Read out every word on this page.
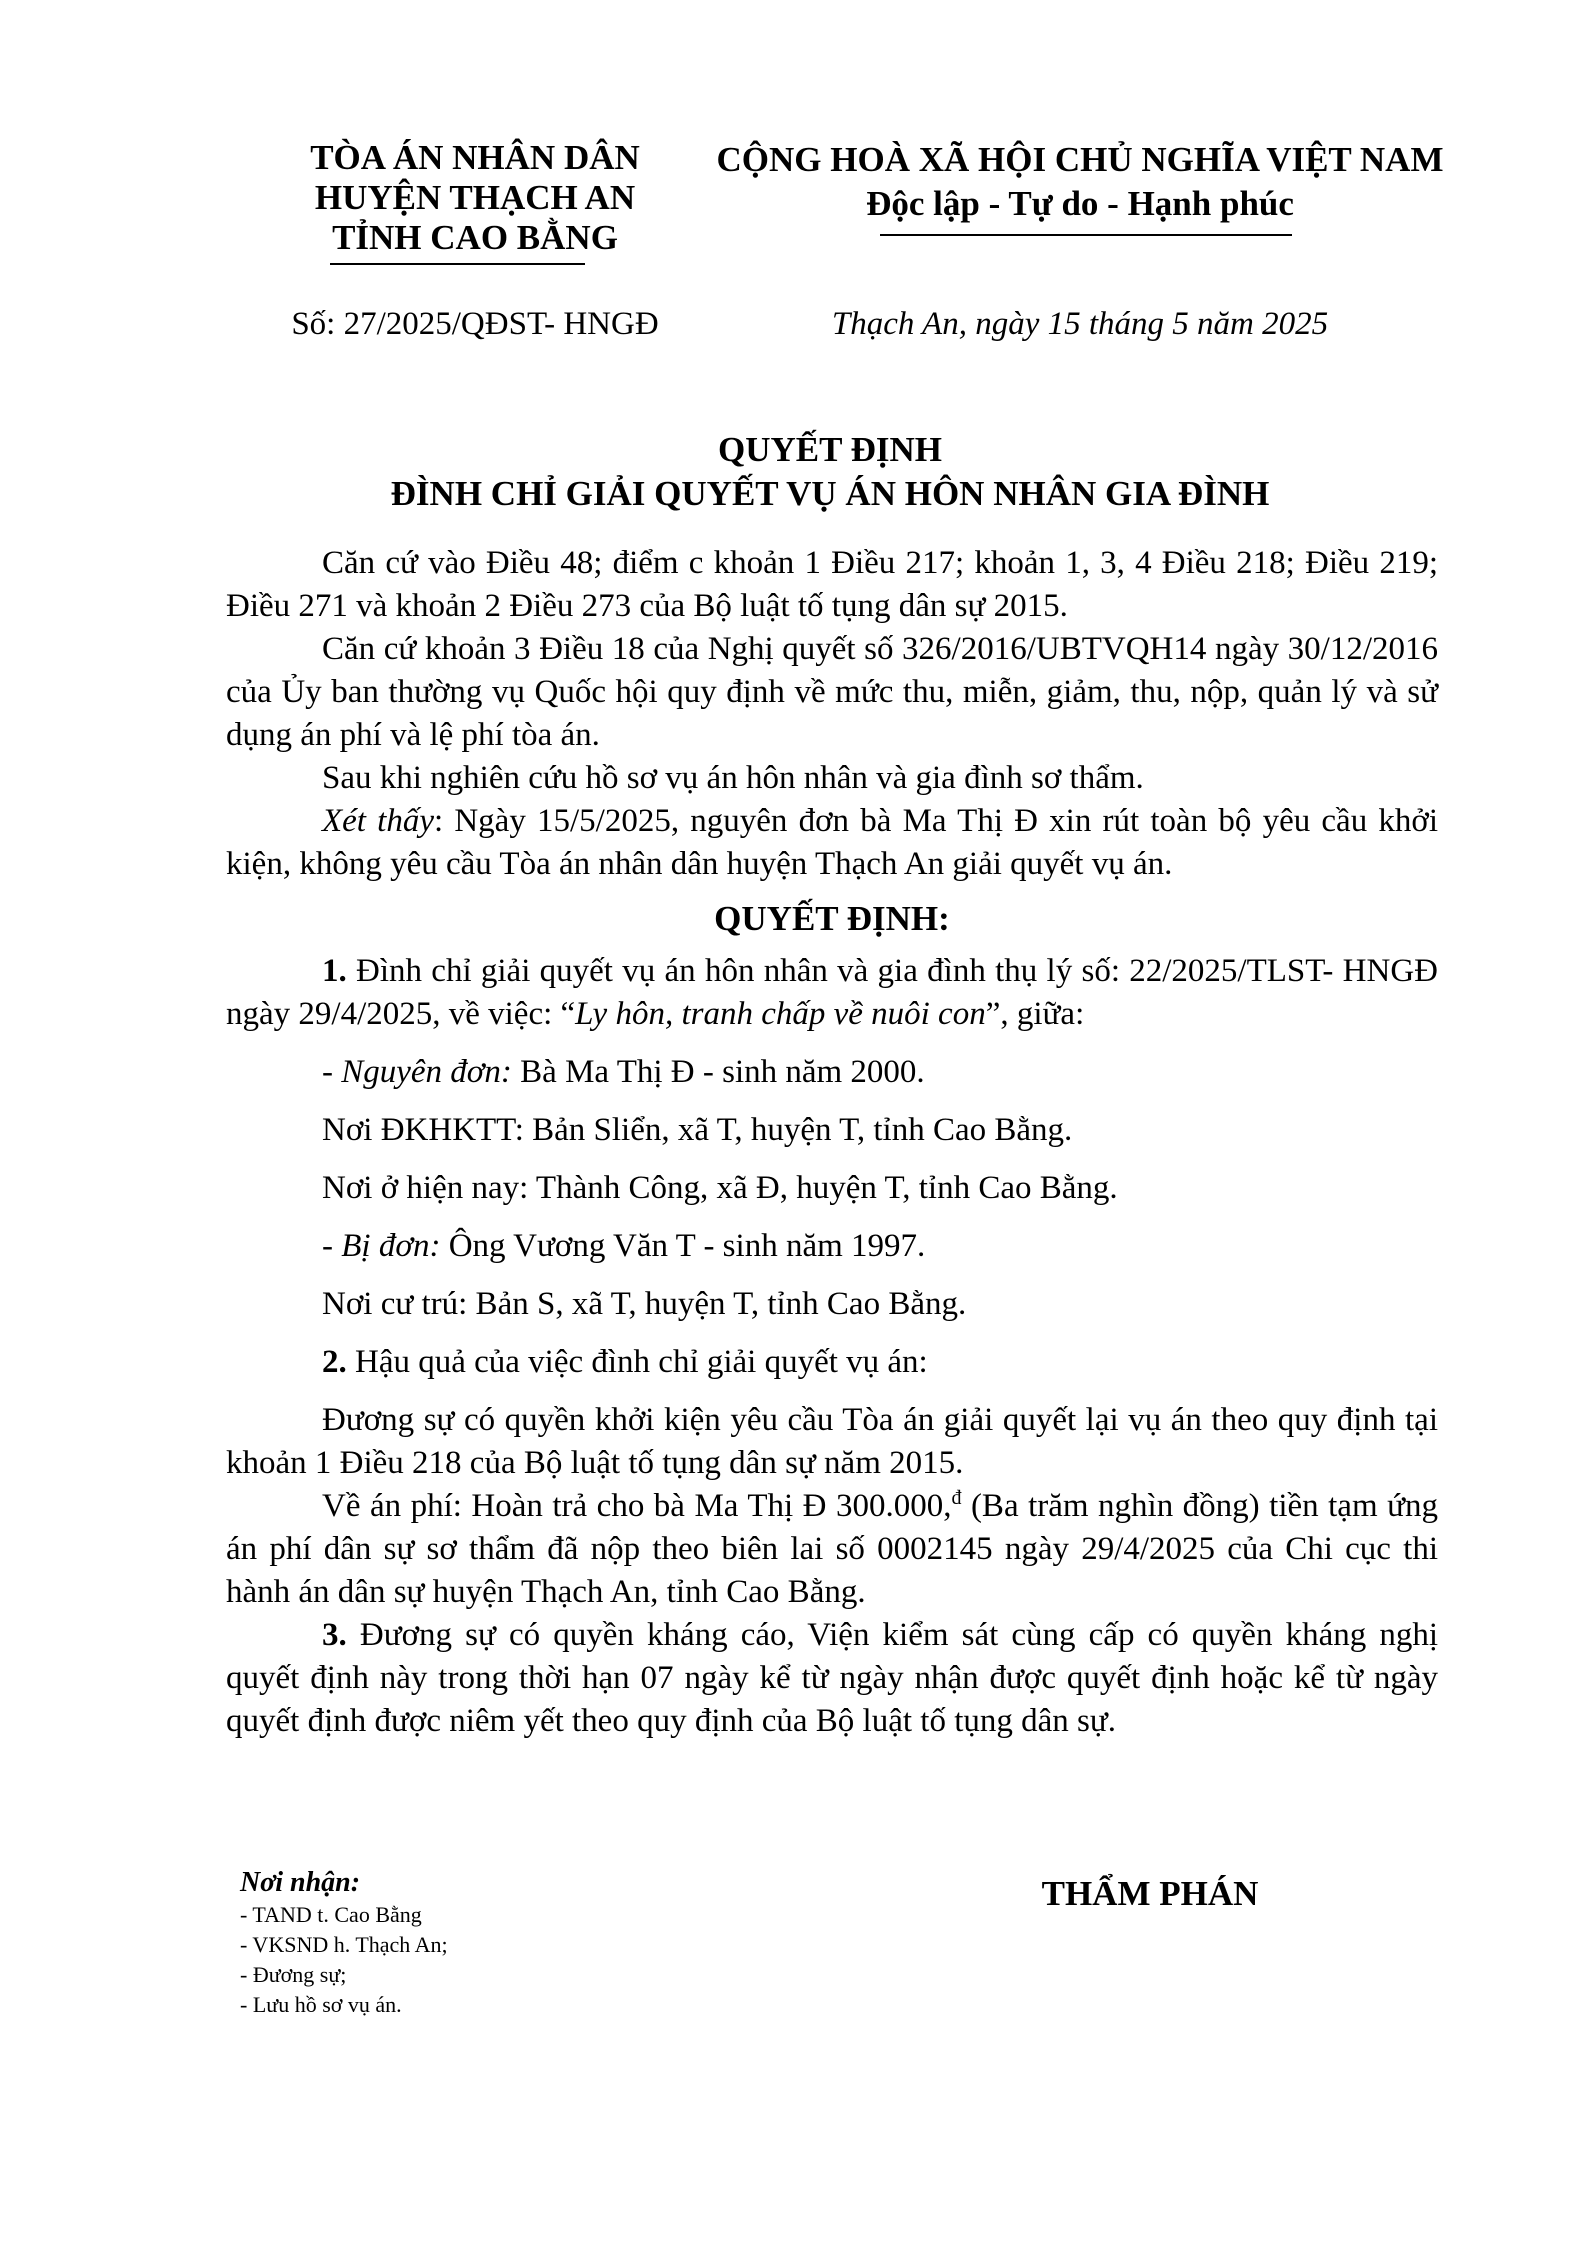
TÒA ÁN NHÂN DÂN
HUYỆN THẠCH AN
TỈNH CAO BẰNG
CỘNG HOÀ XÃ HỘI CHỦ NGHĨA VIỆT NAM
Độc lập - Tự do - Hạnh phúc
Số: 27/2025/QĐST- HNGĐ	Thạch An, ngày 15 tháng 5 năm 2025
QUYẾT ĐỊNH
ĐÌNH CHỈ GIẢI QUYẾT VỤ ÁN HÔN NHÂN GIA ĐÌNH

Căn cứ vào Điều 48; điểm c khoản 1 Điều 217; khoản 1, 3, 4 Điều 218; Điều 219; Điều 271 và khoản 2 Điều 273 của Bộ luật tố tụng dân sự 2015.

Căn cứ khoản 3 Điều 18 của Nghị quyết số 326/2016/UBTVQH14 ngày 30/12/2016 của Ủy ban thường vụ Quốc hội quy định về mức thu, miễn, giảm, thu, nộp, quản lý và sử dụng án phí và lệ phí tòa án.

Sau khi nghiên cứu hồ sơ vụ án hôn nhân và gia đình sơ thẩm.

Xét thấy: Ngày 15/5/2025, nguyên đơn bà Ma Thị Đ xin rút toàn bộ yêu cầu khởi kiện, không yêu cầu Tòa án nhân dân huyện Thạch An giải quyết vụ án.

QUYẾT ĐỊNH:

1. Đình chỉ giải quyết vụ án hôn nhân và gia đình thụ lý số: 22/2025/TLST- HNGĐ ngày 29/4/2025, về việc: “Ly hôn, tranh chấp về nuôi con”, giữa:

- Nguyên đơn: Bà Ma Thị Đ - sinh năm 2000.

Nơi ĐKHKTT: Bản Sliển, xã T, huyện T, tỉnh Cao Bằng.

Nơi ở hiện nay: Thành Công, xã Đ, huyện T, tỉnh Cao Bằng.

- Bị đơn: Ông Vương Văn T - sinh năm 1997.

Nơi cư trú: Bản S, xã T, huyện T, tỉnh Cao Bằng.

2. Hậu quả của việc đình chỉ giải quyết vụ án:

Đương sự có quyền khởi kiện yêu cầu Tòa án giải quyết lại vụ án theo quy định tại khoản 1 Điều 218 của Bộ luật tố tụng dân sự năm 2015.

Về án phí: Hoàn trả cho bà Ma Thị Đ 300.000,$^đ$ (Ba trăm nghìn đồng) tiền tạm ứng án phí dân sự sơ thẩm đã nộp theo biên lai số 0002145 ngày 29/4/2025 của Chi cục thi hành án dân sự huyện Thạch An, tỉnh Cao Bằng.

3. Đương sự có quyền kháng cáo, Viện kiểm sát cùng cấp có quyền kháng nghị quyết định này trong thời hạn 07 ngày kể từ ngày nhận được quyết định hoặc kể từ ngày quyết định được niêm yết theo quy định của Bộ luật tố tụng dân sự.

Nơi nhận:
- TAND t. Cao Bằng
- VKSND h. Thạch An;
- Đương sự;
- Lưu hồ sơ vụ án.
THẨM PHÁN
